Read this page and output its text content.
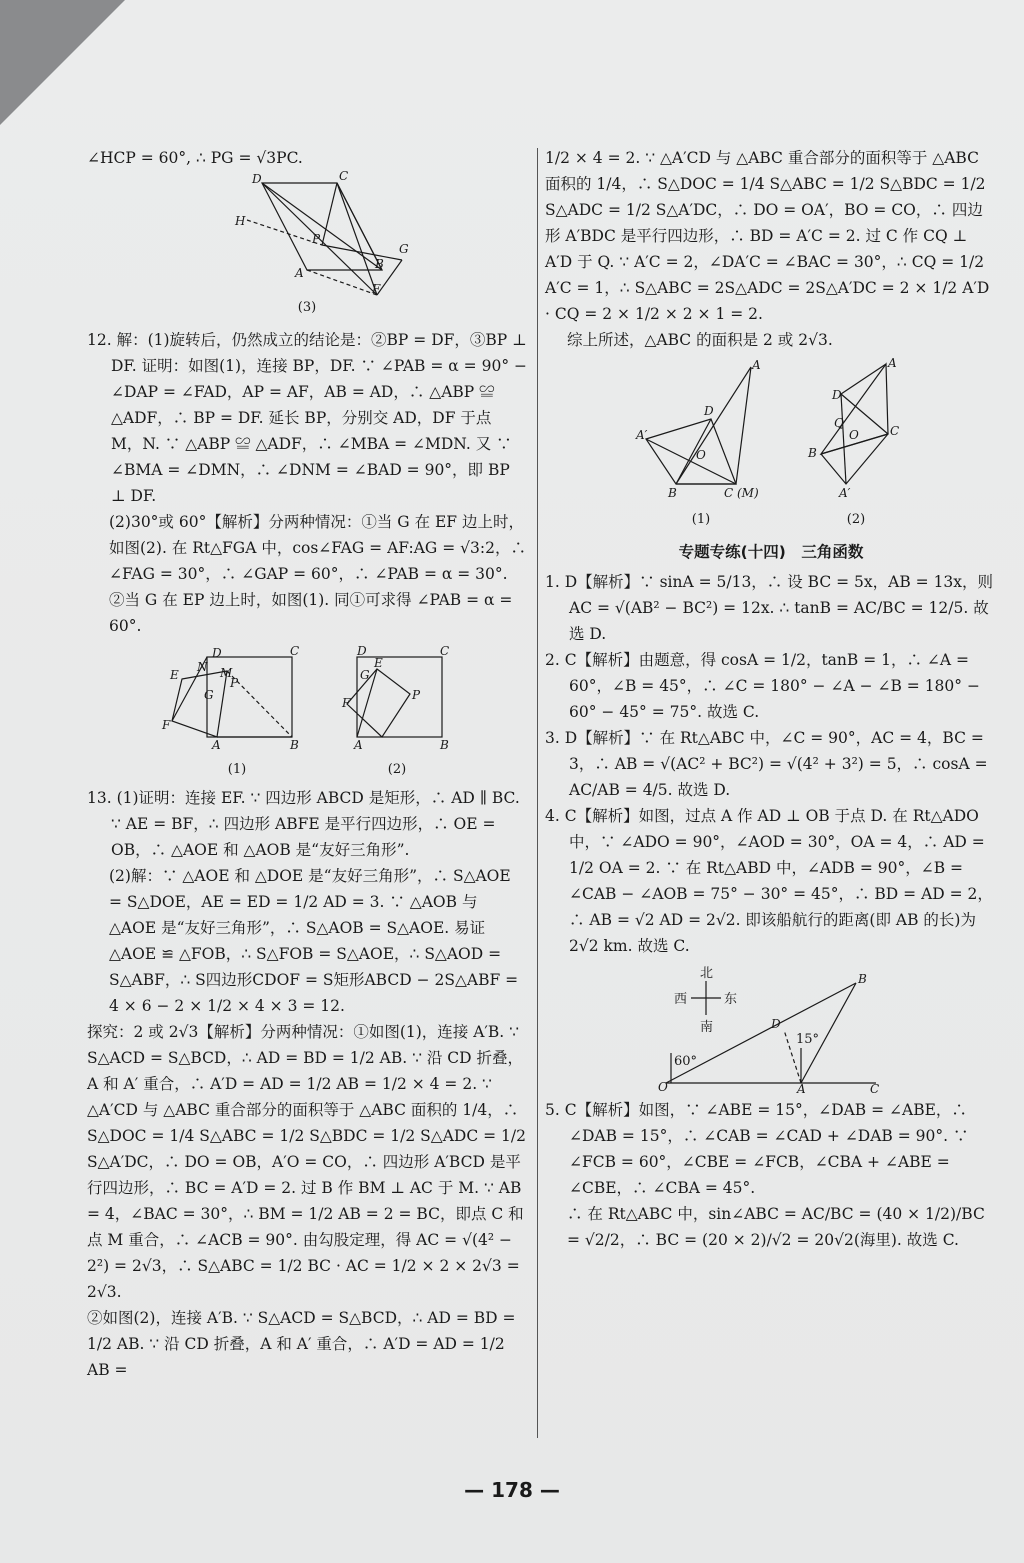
∠HCP = 60°, ∴ PG = √3PC.

D	C
H
P
A
B
G
F
(3)

12. 解：(1)旋转后，仍然成立的结论是：②BP = DF，③BP ⊥ DF. 证明：如图(1)，连接 BP，DF. ∵ ∠PAB = α = 90° − ∠DAP = ∠FAD，AP = AF，AB = AD，∴ △ABP ≌ △ADF，∴ BP = DF. 延长 BP，分别交 AD，DF 于点 M，N. ∵ △ABP ≌ △ADF，∴ ∠MBA = ∠MDN. 又 ∵ ∠BMA = ∠DMN，∴ ∠DNM = ∠BAD = 90°，即 BP ⊥ DF.

(2)30°或 60°【解析】分两种情况：①当 G 在 EF 边上时，如图(2). 在 Rt△FGA 中，cos∠FAG = AF:AG = √3:2，∴ ∠FAG = 30°，∴ ∠GAP = 60°，∴ ∠PAB = α = 30°.

②当 G 在 EP 边上时，如图(1). 同①可求得 ∠PAB = α = 60°.

D	C
E
N M
P
G
F
A	B
(1)
D	C
E
G
F
P
A	B
(2)

13. (1)证明：连接 EF. ∵ 四边形 ABCD 是矩形，∴ AD ∥ BC. ∵ AE = BF，∴ 四边形 ABFE 是平行四边形，∴ OE = OB，∴ △AOE 和 △AOB 是“友好三角形”.

(2)解：∵ △AOE 和 △DOE 是“友好三角形”，∴ S△AOE = S△DOE，AE = ED = 1/2 AD = 3. ∵ △AOB 与 △AOE 是“友好三角形”，∴ S△AOB = S△AOE. 易证 △AOE ≌ △FOB，∴ S△FOB = S△AOE，∴ S△AOD = S△ABF，∴ S四边形CDOF = S矩形ABCD − 2S△ABF = 4 × 6 − 2 × 1/2 × 4 × 3 = 12.

探究：2 或 2√3【解析】分两种情况：①如图(1)，连接 A′B. ∵ S△ACD = S△BCD，∴ AD = BD = 1/2 AB. ∵ 沿 CD 折叠，A 和 A′ 重合，∴ A′D = AD = 1/2 AB = 1/2 × 4 = 2. ∵ △A′CD 与 △ABC 重合部分的面积等于 △ABC 面积的 1/4，∴ S△DOC = 1/4 S△ABC = 1/2 S△BDC = 1/2 S△ADC = 1/2 S△A′DC，∴ DO = OB，A′O = CO，∴ 四边形 A′BCD 是平行四边形，∴ BC = A′D = 2. 过 B 作 BM ⊥ AC 于 M. ∵ AB = 4，∠BAC = 30°，∴ BM = 1/2 AB = 2 = BC，即点 C 和点 M 重合，∴ ∠ACB = 90°. 由勾股定理，得 AC = √(4² − 2²) = 2√3，∴ S△ABC = 1/2 BC · AC = 1/2 × 2 × 2√3 = 2√3.

②如图(2)，连接 A′B. ∵ S△ACD = S△BCD，∴ AD = BD = 1/2 AB. ∵ 沿 CD 折叠，A 和 A′ 重合，∴ A′D = AD = 1/2 AB =

1/2 × 4 = 2. ∵ △A′CD 与 △ABC 重合部分的面积等于 △ABC 面积的 1/4，∴ S△DOC = 1/4 S△ABC = 1/2 S△BDC = 1/2 S△ADC = 1/2 S△A′DC，∴ DO = OA′，BO = CO，∴ 四边形 A′BDC 是平行四边形，∴ BD = A′C = 2. 过 C 作 CQ ⊥ A′D 于 Q. ∵ A′C = 2，∠DA′C = ∠BAC = 30°，∴ CQ = 1/2 A′C = 1，∴ S△ABC = 2S△ADC = 2S△A′DC = 2 × 1/2 A′D · CQ = 2 × 1/2 × 2 × 1 = 2.

综上所述，△ABC 的面积是 2 或 2√3.

A
D
A′
O
B	C (M)
(1)
A
D
Q
O	C
B
A′
(2)
专题专练(十四)　三角函数

1. D【解析】∵ sinA = 5/13，∴ 设 BC = 5x，AB = 13x，则 AC = √(AB² − BC²) = 12x. ∴ tanB = AC/BC = 12/5. 故选 D.

2. C【解析】由题意，得 cosA = 1/2，tanB = 1，∴ ∠A = 60°，∠B = 45°，∴ ∠C = 180° − ∠A − ∠B = 180° − 60° − 45° = 75°. 故选 C.

3. D【解析】∵ 在 Rt△ABC 中，∠C = 90°，AC = 4，BC = 3，∴ AB = √(AC² + BC²) = √(4² + 3²) = 5，∴ cosA = AC/AB = 4/5. 故选 D.

4. C【解析】如图，过点 A 作 AD ⊥ OB 于点 D. 在 Rt△ADO 中，∵ ∠ADO = 90°，∠AOD = 30°，OA = 4，∴ AD = 1/2 OA = 2. ∵ 在 Rt△ABD 中，∠ADB = 90°，∠B = ∠CAB − ∠AOB = 75° − 30° = 45°，∴ BD = AD = 2，∴ AB = √2 AD = 2√2. 即该船航行的距离(即 AB 的长)为 2√2 km. 故选 C.

北
南
西	东
60°
15°
O	A	C
B
D

5. C【解析】如图，∵ ∠ABE = 15°，∠DAB = ∠ABE，∴ ∠DAB = 15°，∴ ∠CAB = ∠CAD + ∠DAB = 90°. ∵ ∠FCB = 60°，∠CBE = ∠FCB，∠CBA + ∠ABE = ∠CBE，∴ ∠CBA = 45°.

∴ 在 Rt△ABC 中，sin∠ABC = AC/BC = (40 × 1/2)/BC = √2/2，∴ BC = (20 × 2)/√2 = 20√2(海里). 故选 C.

— 178 —
